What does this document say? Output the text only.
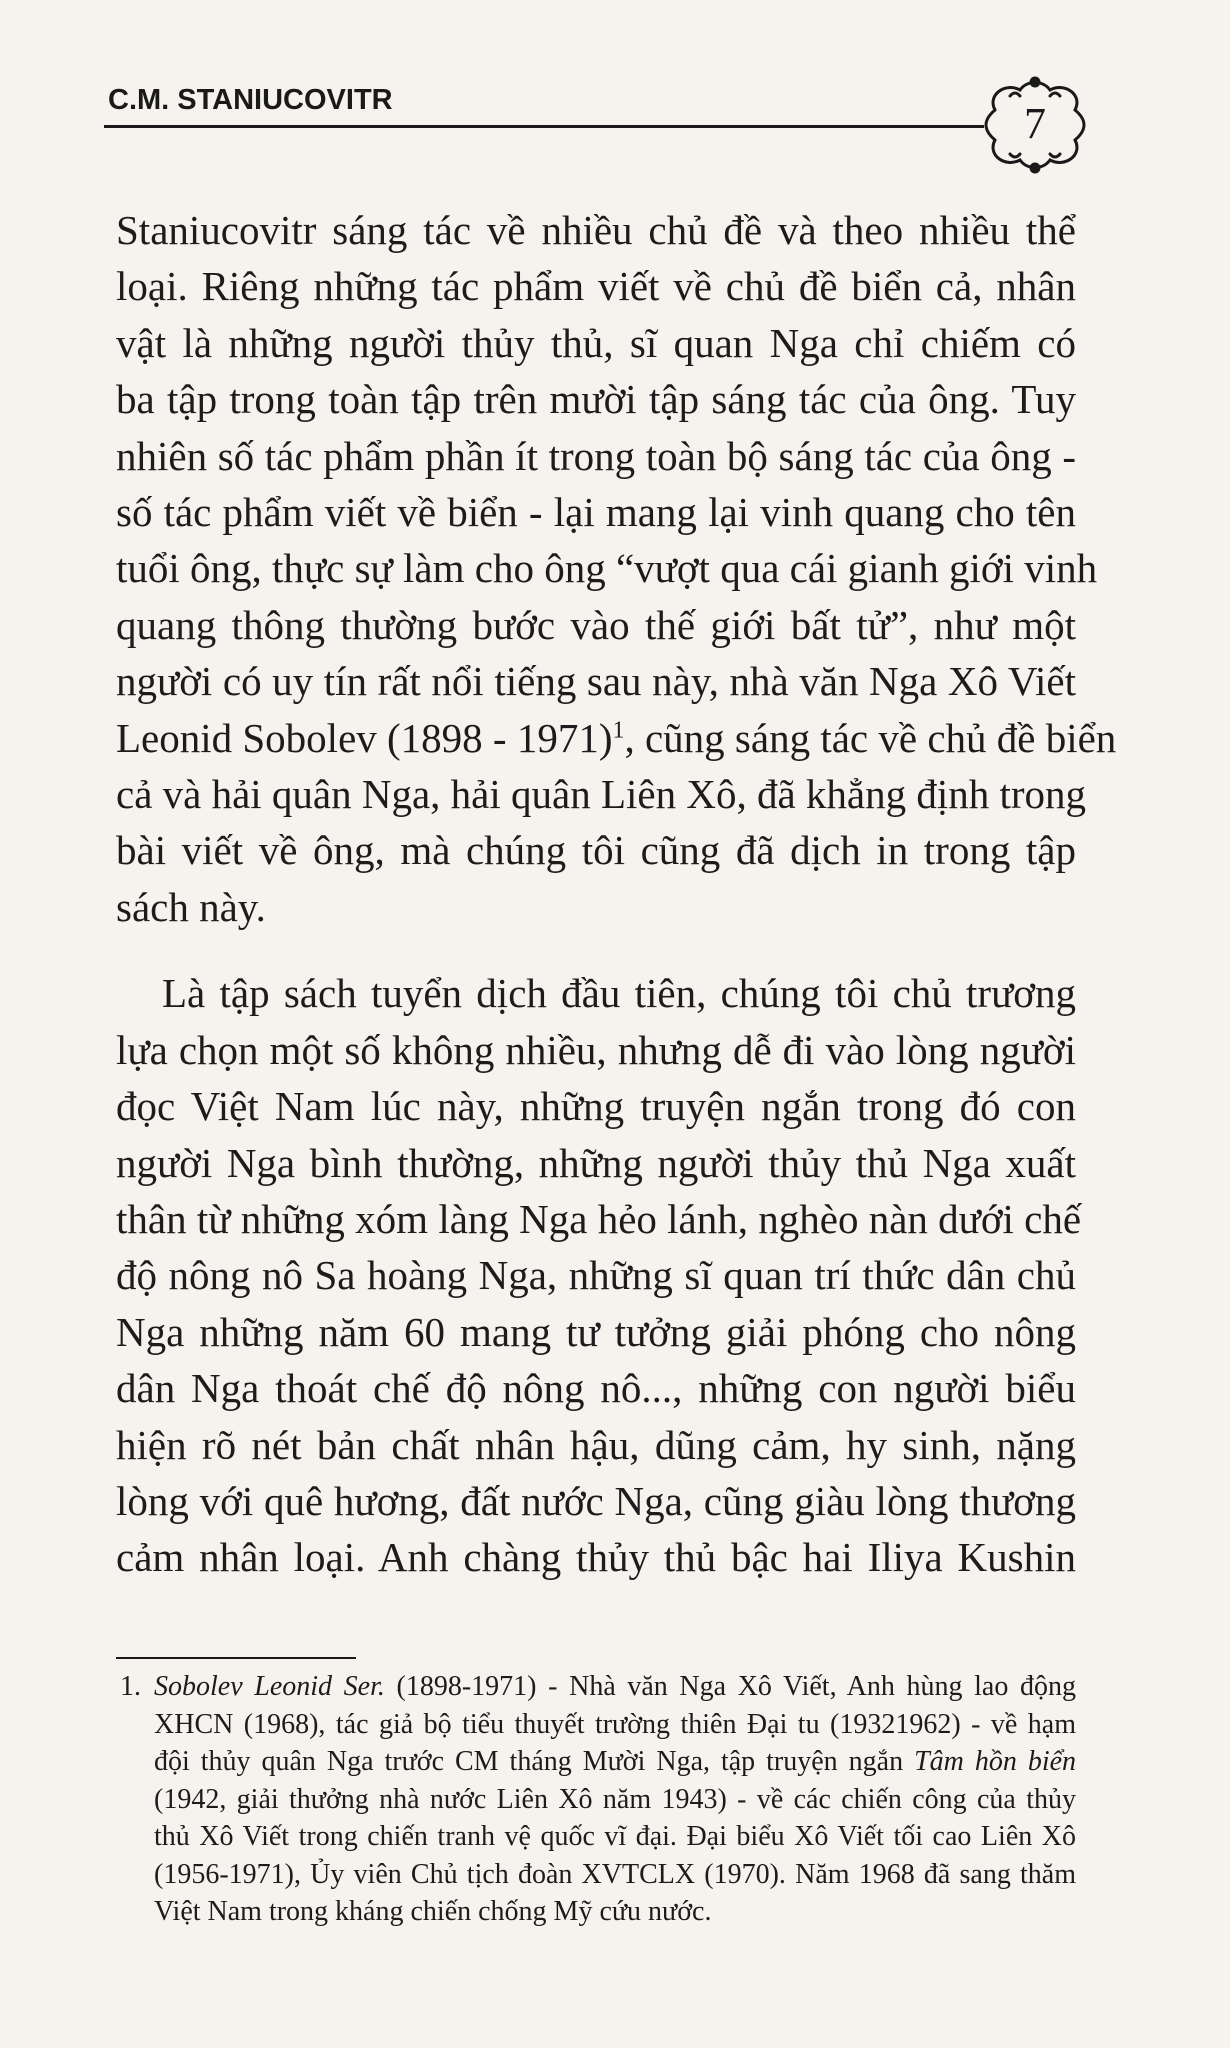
C.M. STANIUCOVITR	7
Staniucovitr sáng tác về nhiều chủ đề và theo nhiều thể
loại. Riêng những tác phẩm viết về chủ đề biển cả, nhân
vật là những người thủy thủ, sĩ quan Nga chỉ chiếm có
ba tập trong toàn tập trên mười tập sáng tác của ông. Tuy
nhiên số tác phẩm phần ít trong toàn bộ sáng tác của ông -
số tác phẩm viết về biển - lại mang lại vinh quang cho tên
tuổi ông, thực sự làm cho ông “vượt qua cái gianh giới vinh
quang thông thường bước vào thế giới bất tử”, như một
người có uy tín rất nổi tiếng sau này, nhà văn Nga Xô Viết
Leonid Sobolev (1898 - 1971)$^1$, cũng sáng tác về chủ đề biển
cả và hải quân Nga, hải quân Liên Xô, đã khẳng định trong
bài viết về ông, mà chúng tôi cũng đã dịch in trong tập
sách này.
Là tập sách tuyển dịch đầu tiên, chúng tôi chủ trương
lựa chọn một số không nhiều, nhưng dễ đi vào lòng người
đọc Việt Nam lúc này, những truyện ngắn trong đó con
người Nga bình thường, những người thủy thủ Nga xuất
thân từ những xóm làng Nga hẻo lánh, nghèo nàn dưới chế
độ nông nô Sa hoàng Nga, những sĩ quan trí thức dân chủ
Nga những năm 60 mang tư tưởng giải phóng cho nông
dân Nga thoát chế độ nông nô..., những con người biểu
hiện rõ nét bản chất nhân hậu, dũng cảm, hy sinh, nặng
lòng với quê hương, đất nước Nga, cũng giàu lòng thương
cảm nhân loại. Anh chàng thủy thủ bậc hai Iliya Kushin
1. Sobolev Leonid Ser. (1898-1971) - Nhà văn Nga Xô Viết, Anh hùng lao động
XHCN (1968), tác giả bộ tiểu thuyết trường thiên Đại tu (19321962) - về hạm
đội thủy quân Nga trước CM tháng Mười Nga, tập truyện ngắn Tâm hồn biển
(1942, giải thưởng nhà nước Liên Xô năm 1943) - về các chiến công của thủy
thủ Xô Viết trong chiến tranh vệ quốc vĩ đại. Đại biểu Xô Viết tối cao Liên Xô
(1956-1971), Ủy viên Chủ tịch đoàn XVTCLX (1970). Năm 1968 đã sang thăm
Việt Nam trong kháng chiến chống Mỹ cứu nước.
